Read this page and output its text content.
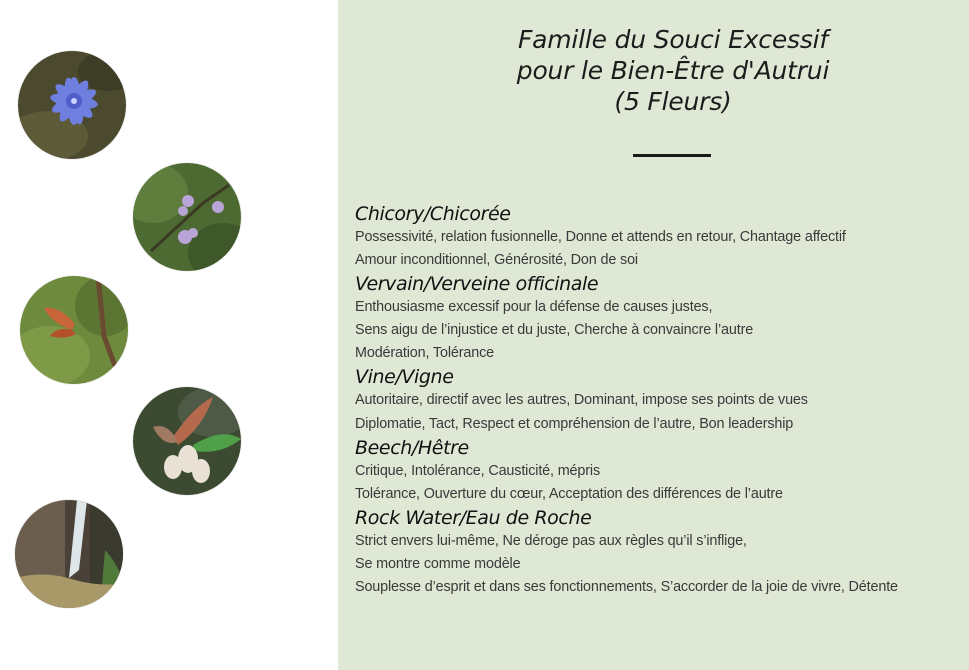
Famille du Souci Excessif
pour le Bien-Être d'Autrui
(5 Fleurs)
Chicory/Chicorée
Possessivité, relation fusionnelle, Donne et attends en retour, Chantage affectif
Amour inconditionnel, Générosité, Don de soi
Vervain/Verveine officinale
Enthousiasme excessif pour la défense de causes justes,
Sens aigu de l’injustice et du juste, Cherche à convaincre l’autre
Modération, Tolérance
Vine/Vigne
Autoritaire, directif avec les autres, Dominant, impose ses points de vues
Diplomatie, Tact, Respect et compréhension de l’autre, Bon leadership
Beech/Hêtre
Critique, Intolérance, Causticité, mépris
Tolérance, Ouverture du cœur, Acceptation des différences de l’autre
Rock Water/Eau de Roche
Strict envers lui-même, Ne déroge pas aux règles qu’il s’inflige,
Se montre comme modèle
Souplesse d’esprit et dans ses fonctionnements, S’accorder de la joie de vivre, Détente
